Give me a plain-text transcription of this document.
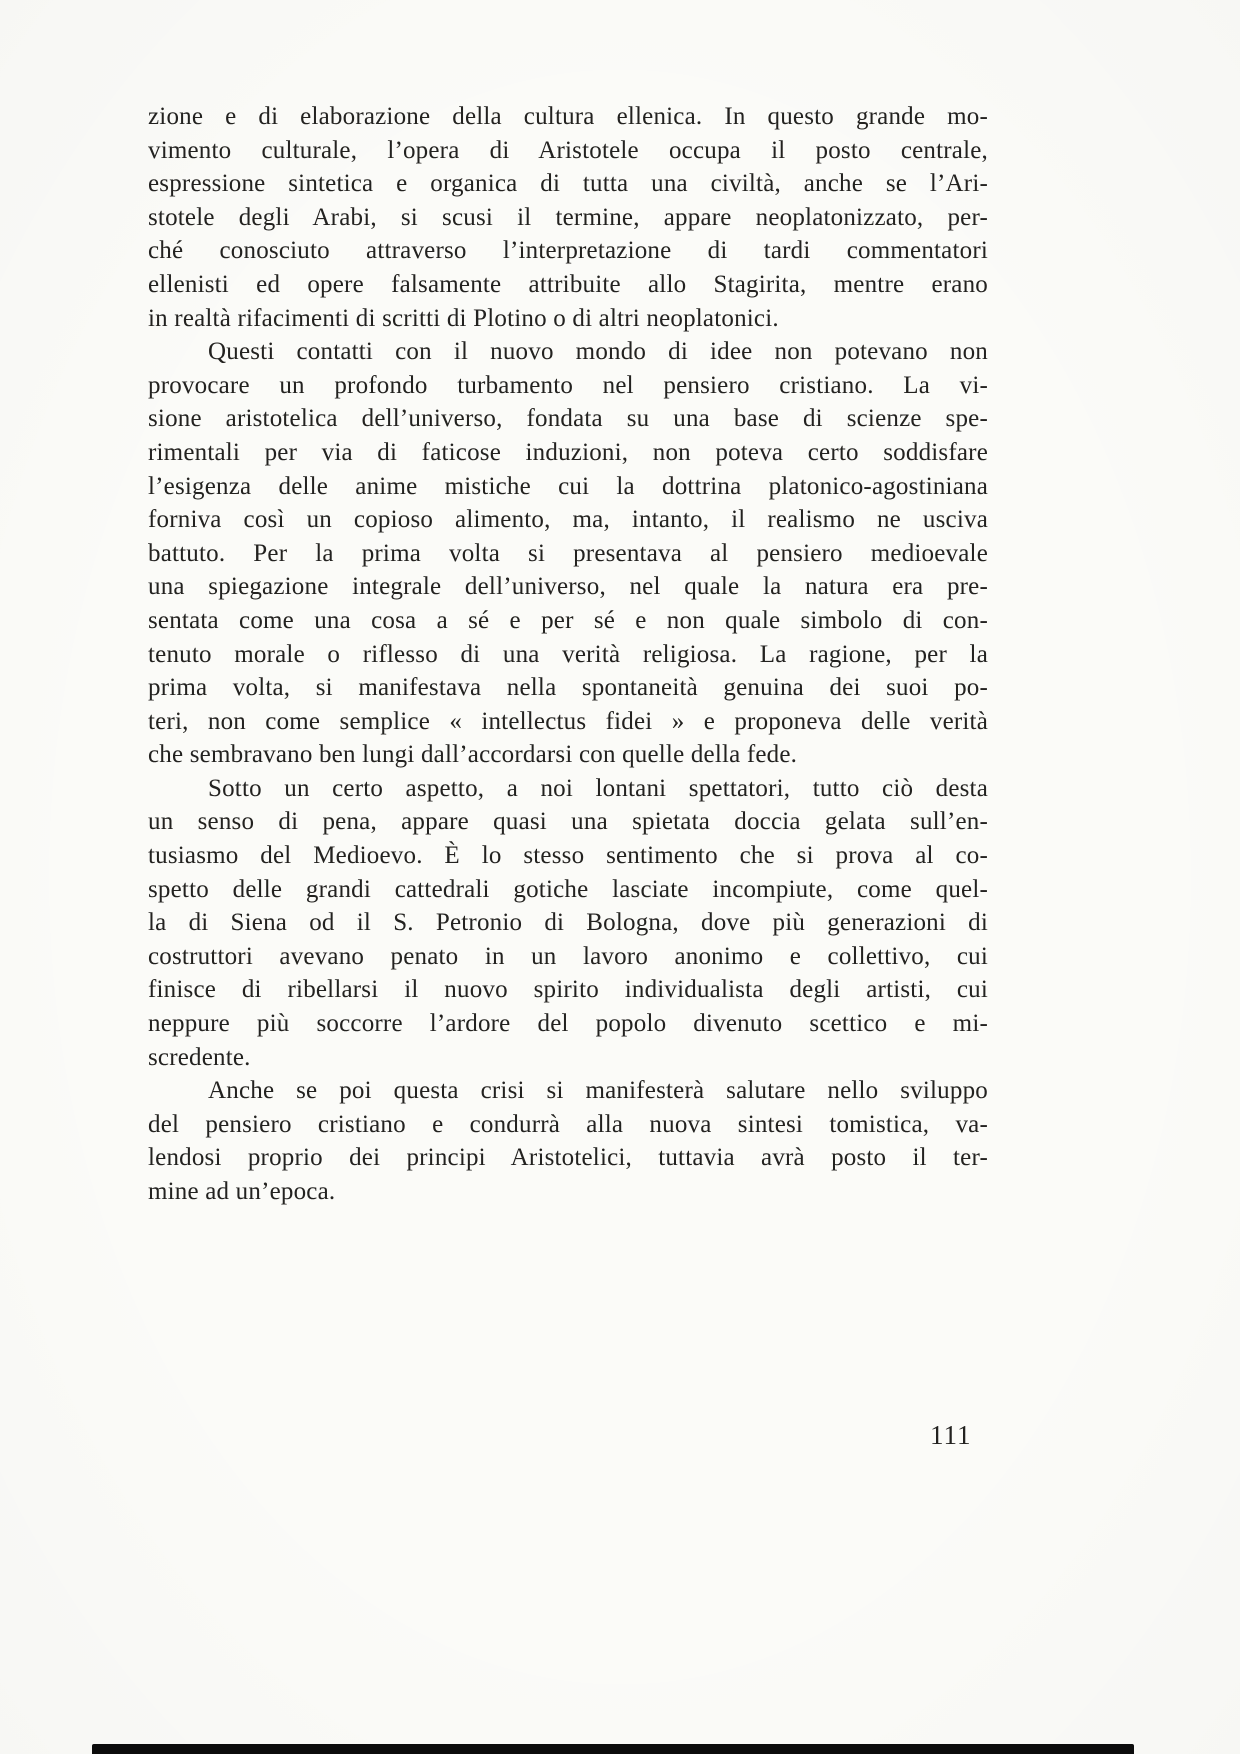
zione e di elaborazione della cultura ellenica. In questo grande mo-
vimento culturale, l’opera di Aristotele occupa il posto centrale,
espressione sintetica e organica di tutta una civiltà, anche se l’Ari-
stotele degli Arabi, si scusi il termine, appare neoplatonizzato, per-
ché conosciuto attraverso l’interpretazione di tardi commentatori
ellenisti ed opere falsamente attribuite allo Stagirita, mentre erano
in realtà rifacimenti di scritti di Plotino o di altri neoplatonici.
Questi contatti con il nuovo mondo di idee non potevano non
provocare un profondo turbamento nel pensiero cristiano. La vi-
sione aristotelica dell’universo, fondata su una base di scienze spe-
rimentali per via di faticose induzioni, non poteva certo soddisfare
l’esigenza delle anime mistiche cui la dottrina platonico-agostiniana
forniva così un copioso alimento, ma, intanto, il realismo ne usciva
battuto. Per la prima volta si presentava al pensiero medioevale
una spiegazione integrale dell’universo, nel quale la natura era pre-
sentata come una cosa a sé e per sé e non quale simbolo di con-
tenuto morale o riflesso di una verità religiosa. La ragione, per la
prima volta, si manifestava nella spontaneità genuina dei suoi po-
teri, non come semplice « intellectus fidei » e proponeva delle verità
che sembravano ben lungi dall’accordarsi con quelle della fede.
Sotto un certo aspetto, a noi lontani spettatori, tutto ciò desta
un senso di pena, appare quasi una spietata doccia gelata sull’en-
tusiasmo del Medioevo. È lo stesso sentimento che si prova al co-
spetto delle grandi cattedrali gotiche lasciate incompiute, come quel-
la di Siena od il S. Petronio di Bologna, dove più generazioni di
costruttori avevano penato in un lavoro anonimo e collettivo, cui
finisce di ribellarsi il nuovo spirito individualista degli artisti, cui
neppure più soccorre l’ardore del popolo divenuto scettico e mi-
scredente.
Anche se poi questa crisi si manifesterà salutare nello sviluppo
del pensiero cristiano e condurrà alla nuova sintesi tomistica, va-
lendosi proprio dei principi Aristotelici, tuttavia avrà posto il ter-
mine ad un’epoca.
111
